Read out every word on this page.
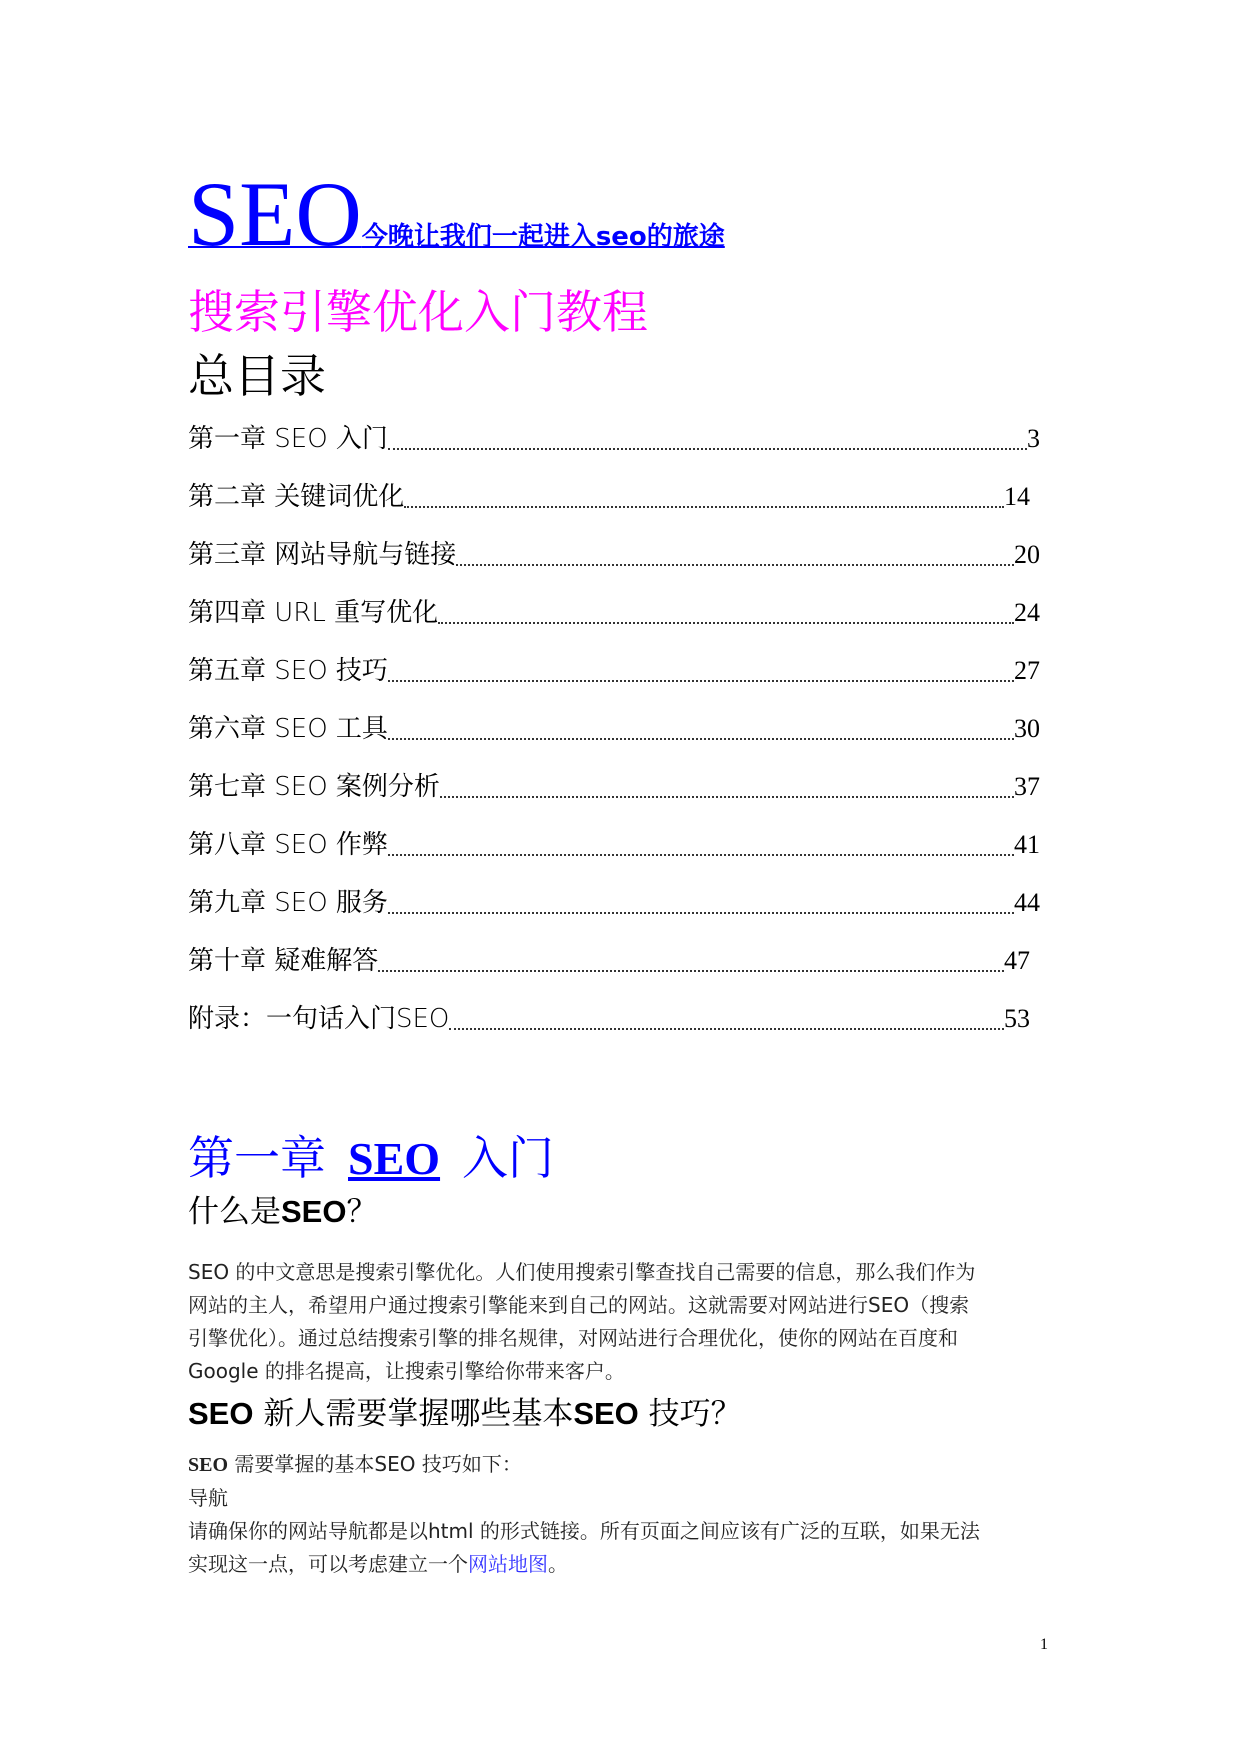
SEO今晚让我们一起进入seo的旅途
搜索引擎优化入门教程
总目录
第一章 SEO 入门	3
第二章 关键词优化	14
第三章 网站导航与链接	20
第四章 URL 重写优化	24
第五章 SEO 技巧	27
第六章 SEO 工具	30
第七章 SEO 案例分析	37
第八章 SEO 作弊	41
第九章 SEO 服务	44
第十章 疑难解答	47
附录：一句话入门SEO	53
第一章 SEO 入门
什么是SEO？
SEO 的中文意思是搜索引擎优化。人们使用搜索引擎查找自己需要的信息，那么我们作为
网站的主人，希望用户通过搜索引擎能来到自己的网站。这就需要对网站进行SEO（搜索
引擎优化）。通过总结搜索引擎的排名规律，对网站进行合理优化，使你的网站在百度和
Google 的排名提高，让搜索引擎给你带来客户。
SEO 新人需要掌握哪些基本SEO 技巧？
SEO 需要掌握的基本SEO 技巧如下：
导航
请确保你的网站导航都是以html 的形式链接。所有页面之间应该有广泛的互联，如果无法
实现这一点，可以考虑建立一个网站地图。
1
